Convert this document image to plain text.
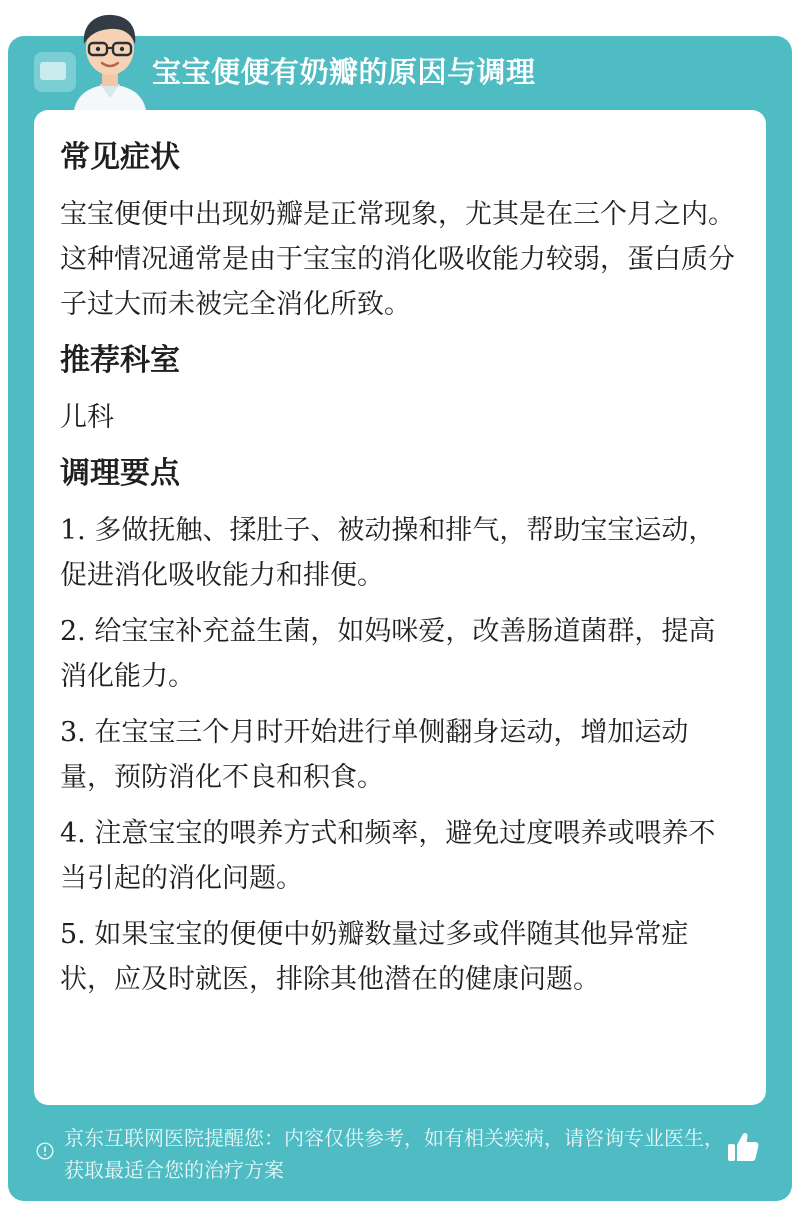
宝宝便便有奶瓣的原因与调理
常见症状

宝宝便便中出现奶瓣是正常现象，尤其是在三个月之内。这种情况通常是由于宝宝的消化吸收能力较弱，蛋白质分子过大而未被完全消化所致。

推荐科室

儿科

调理要点

1. 多做抚触、揉肚子、被动操和排气，帮助宝宝运动，促进消化吸收能力和排便。

2. 给宝宝补充益生菌，如妈咪爱，改善肠道菌群，提高消化能力。

3. 在宝宝三个月时开始进行单侧翻身运动，增加运动量，预防消化不良和积食。

4. 注意宝宝的喂养方式和频率，避免过度喂养或喂养不当引起的消化问题。

5. 如果宝宝的便便中奶瓣数量过多或伴随其他异常症状，应及时就医，排除其他潜在的健康问题。

京东互联网医院提醒您：内容仅供参考，如有相关疾病，请咨询专业医生，获取最适合您的治疗方案
